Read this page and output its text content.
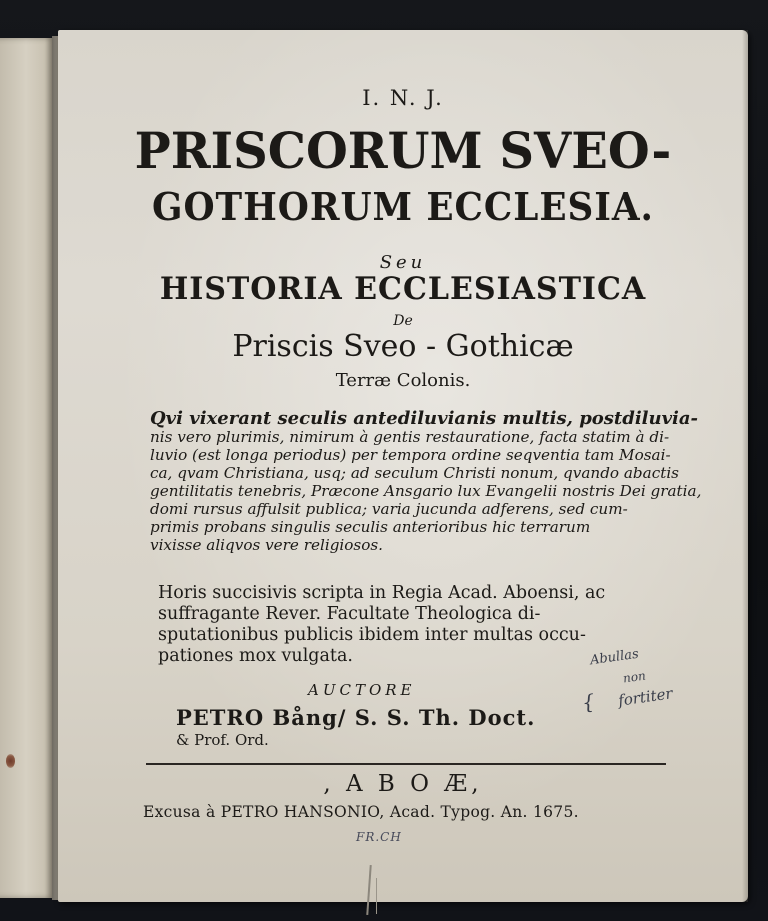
I. N. J.
PRISCORUM SVEO-
GOTHORUM ECCLESIA.
Seu
HISTORIA ECCLESIASTICA
De
Priscis Sveo - Gothicæ
Terræ Colonis.
Qvi vixerant seculis antediluvianis multis, postdiluvia-
nis vero plurimis, nimirum à gentis restauratione, facta statim à di-
luvio (est longa periodus) per tempora ordine seqventia tam Mosai-
ca, qvam Christiana, usq; ad seculum Christi nonum, qvando abactis
gentilitatis tenebris, Præcone Ansgario lux Evangelii nostris Dei gratia,
domi rursus affulsit publica; varia jucunda adferens, sed cum-
primis probans singulis seculis anterioribus hic terrarum
vixisse aliqvos vere religiosos.
Horis succisivis scripta in Regia Acad. Aboensi, ac
suffragante Rever. Facultate Theologica di-
sputationibus publicis ibidem inter multas occu-
pationes mox vulgata.
AUCTORE
PETRO Bång/ S. S. Th. Doct.
& Prof. Ord.
{
Abullas
non
fortiter
, A B O Æ,
Excusa à PETRO HANSONIO, Acad. Typog. An. 1675.
FR.CH
